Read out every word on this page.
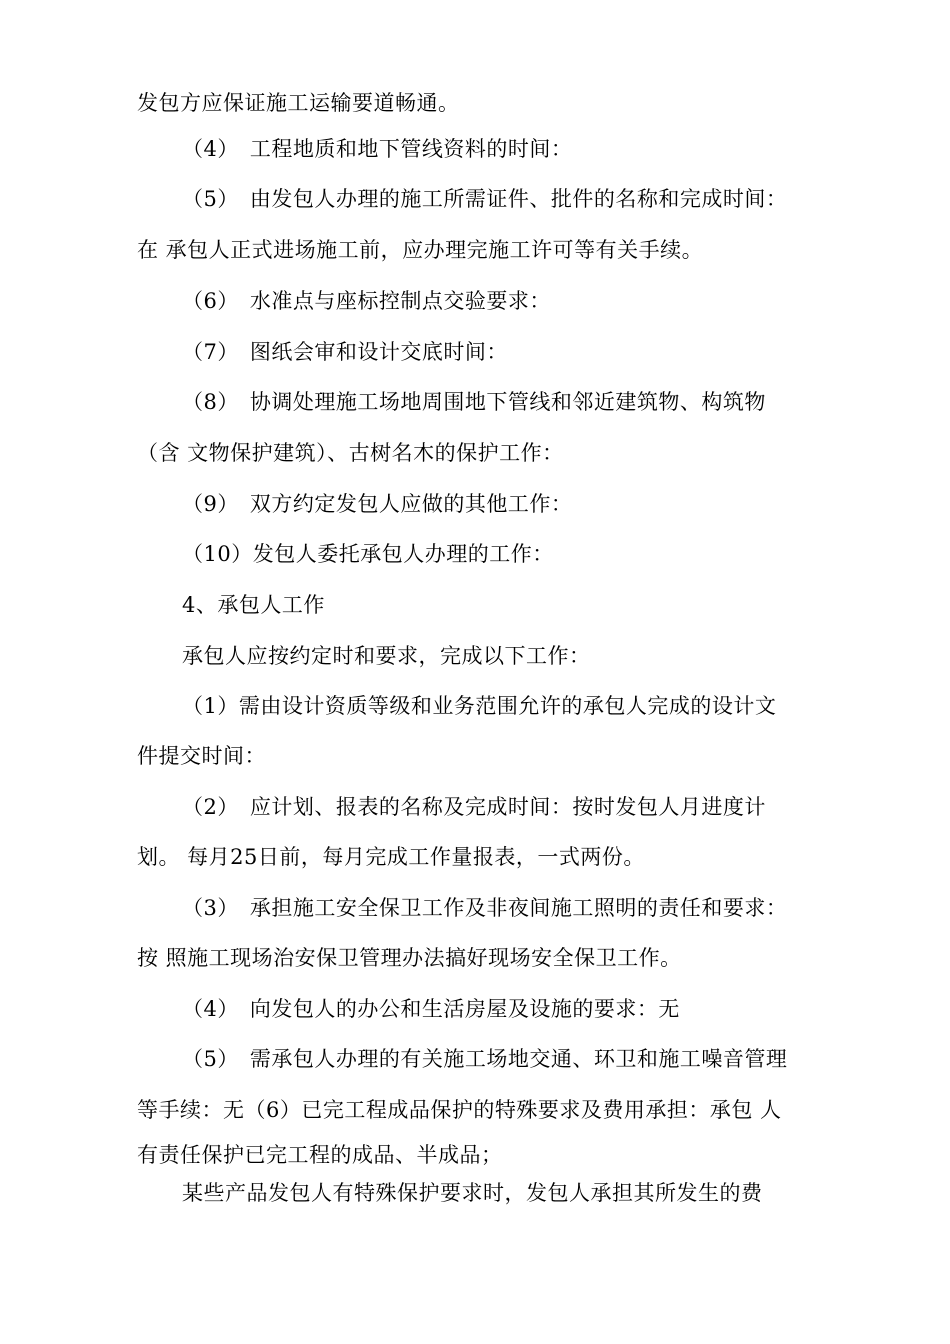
发包方应保证施工运输要道畅通。
（4）　工程地质和地下管线资料的时间：
（5）　由发包人办理的施工所需证件、批件的名称和完成时间：
在 承包人正式进场施工前，应办理完施工许可等有关手续。
（6）　水准点与座标控制点交验要求：
（7）　图纸会审和设计交底时间：
（8）　协调处理施工场地周围地下管线和邻近建筑物、构筑物
（含 文物保护建筑）、古树名木的保护工作：
（9）　双方约定发包人应做的其他工作：
（10）发包人委托承包人办理的工作：
4、承包人工作
承包人应按约定时和要求，完成以下工作：
（1）需由设计资质等级和业务范围允许的承包人完成的设计文
件提交时间：
（2）　应计划、报表的名称及完成时间：按时发包人月进度计
划。 每月25日前，每月完成工作量报表，一式两份。
（3）　承担施工安全保卫工作及非夜间施工照明的责任和要求：
按 照施工现场治安保卫管理办法搞好现场安全保卫工作。
（4）　向发包人的办公和生活房屋及设施的要求：无
（5）　需承包人办理的有关施工场地交通、环卫和施工噪音管理
等手续：无（6）已完工程成品保护的特殊要求及费用承担：承包 人
有责任保护已完工程的成品、半成品；
某些产品发包人有特殊保护要求时，发包人承担其所发生的费
